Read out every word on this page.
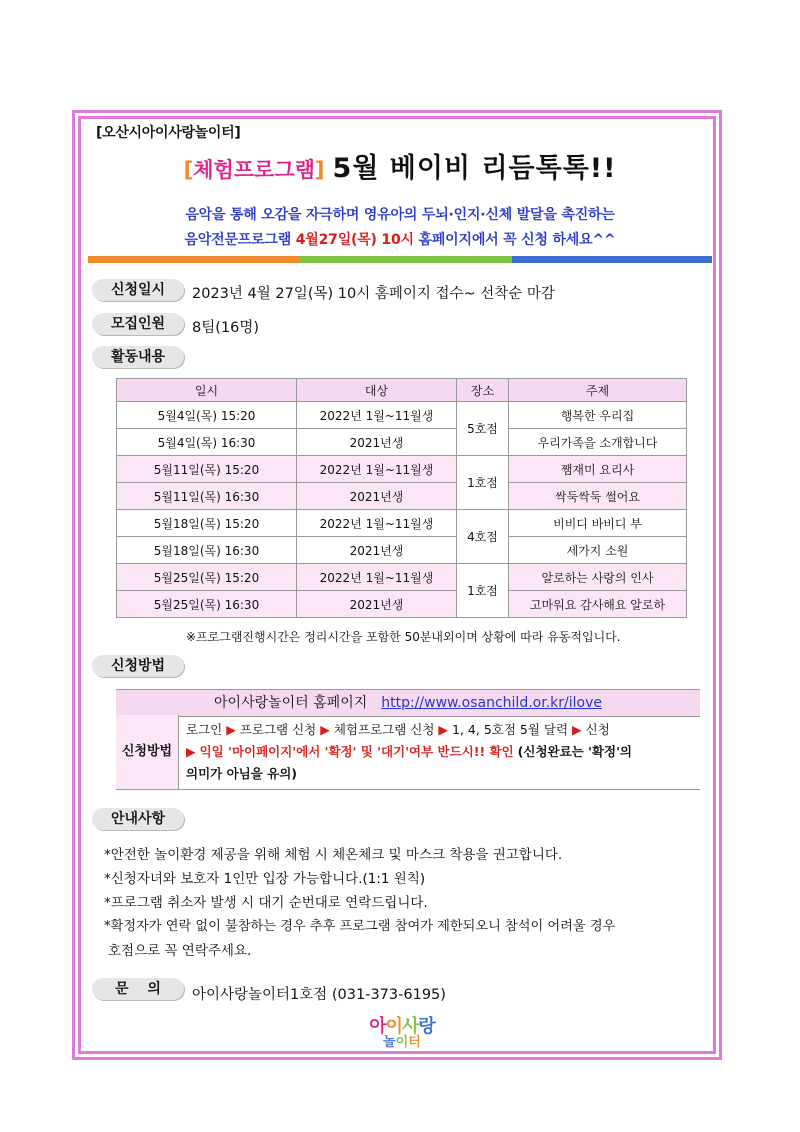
[오산시아이사랑놀이터]
[체험프로그램] 5월 베이비 리듬톡톡!!
음악을 통해 오감을 자극하며 영유아의 두뇌·인지·신체 발달을 촉진하는
음악전문프로그램 4월27일(목) 10시 홈페이지에서 꼭 신청 하세요^^
신청일시	2023년 4월 27일(목) 10시 홈페이지 접수~ 선착순 마감
모집인원	8팀(16명)
활동내용
일시	대상	장소	주제
5월4일(목) 15:20	2022년 1월~11월생	5호점	행복한 우리집
5월4일(목) 16:30	2021년생		우리가족을 소개합니다
5월11일(목) 15:20	2022년 1월~11월생	1호점	쨈재미 요리사
5월11일(목) 16:30	2021년생		싹둑싹둑 썰어요
5월18일(목) 15:20	2022년 1월~11월생	4호점	비비디 바비디 부
5월18일(목) 16:30	2021년생		세가지 소원
5월25일(목) 15:20	2022년 1월~11월생	1호점	알로하는 사랑의 인사
5월25일(목) 16:30	2021년생		고마워요 감사해요 알로하
※프로그램진행시간은 정리시간을 포함한 50분내외이며 상황에 따라 유동적입니다.
신청방법
아이사랑놀이터 홈페이지 http://www.osanchild.or.kr/ilove
신청방법
로그인 ▶ 프로그램 신청 ▶ 체험프로그램 신청 ▶ 1, 4, 5호점 5월 달력 ▶ 신청
▶ 익일 '마이페이지'에서 '확정' 및 '대기'여부 반드시!! 확인 (신청완료는 '확정'의
의미가 아님을 유의)
안내사항
*안전한 놀이환경 제공을 위해 체험 시 체온체크 및 마스크 착용을 권고합니다.
*신청자녀와 보호자 1인만 입장 가능합니다.(1:1 원칙)
*프로그램 취소자 발생 시 대기 순번대로 연락드립니다.
*확정자가 연락 없이 불참하는 경우 추후 프로그램 참여가 제한되오니 참석이 어려울 경우
호점으로 꼭 연락주세요.
문 의	아이사랑놀이터1호점 (031-373-6195)
아이사랑
놀이터
